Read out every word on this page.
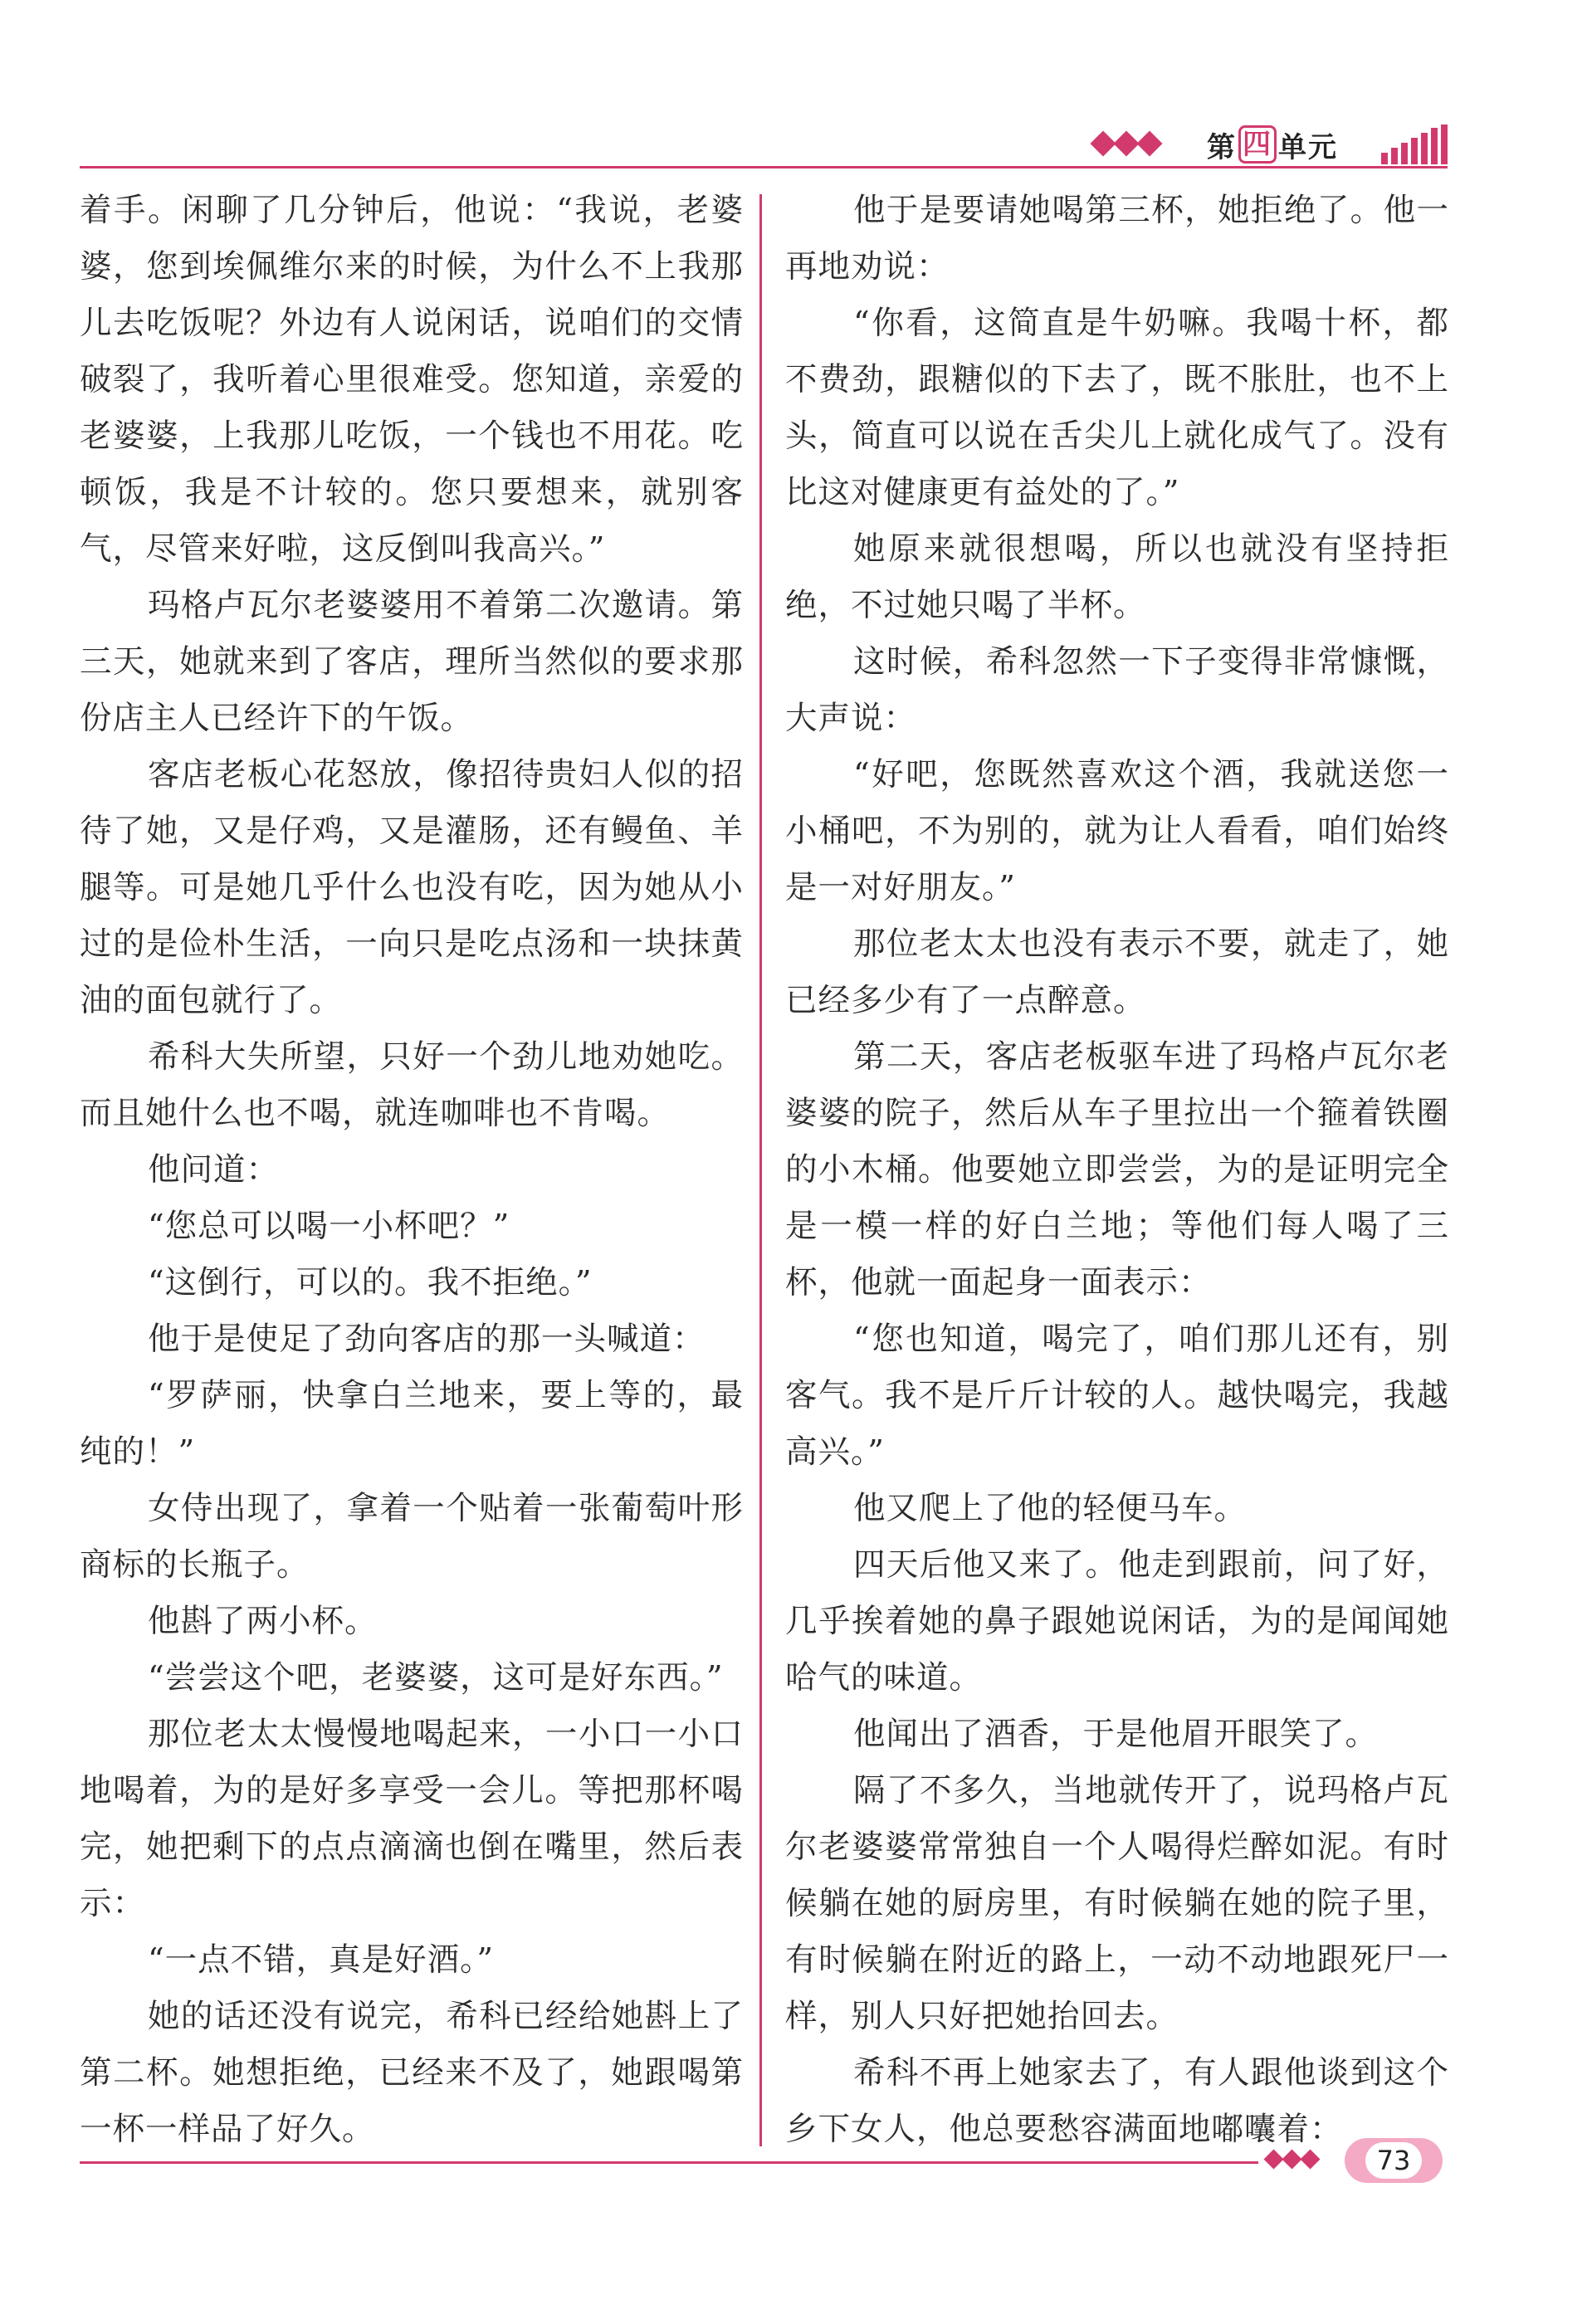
第 四 单元

着手。闲聊了几分钟后，他说：“我说，老婆婆，您到埃佩维尔来的时候，为什么不上我那儿去吃饭呢？外边有人说闲话，说咱们的交情破裂了，我听着心里很难受。您知道，亲爱的老婆婆，上我那儿吃饭，一个钱也不用花。吃顿饭，我是不计较的。您只要想来，就别客气，尽管来好啦，这反倒叫我高兴。”

玛格卢瓦尔老婆婆用不着第二次邀请。第三天，她就来到了客店，理所当然似的要求那份店主人已经许下的午饭。

客店老板心花怒放，像招待贵妇人似的招待了她，又是仔鸡，又是灌肠，还有鳗鱼、羊腿等。可是她几乎什么也没有吃，因为她从小过的是俭朴生活，一向只是吃点汤和一块抹黄油的面包就行了。

希科大失所望，只好一个劲儿地劝她吃。而且她什么也不喝，就连咖啡也不肯喝。

他问道：

“您总可以喝一小杯吧？”

“这倒行，可以的。我不拒绝。”

他于是使足了劲向客店的那一头喊道：

“罗萨丽，快拿白兰地来，要上等的，最纯的！”

女侍出现了，拿着一个贴着一张葡萄叶形商标的长瓶子。

他斟了两小杯。

“尝尝这个吧，老婆婆，这可是好东西。”

那位老太太慢慢地喝起来，一小口一小口地喝着，为的是好多享受一会儿。等把那杯喝完，她把剩下的点点滴滴也倒在嘴里，然后表示：

“一点不错，真是好酒。”

她的话还没有说完，希科已经给她斟上了第二杯。她想拒绝，已经来不及了，她跟喝第一杯一样品了好久。

他于是要请她喝第三杯，她拒绝了。他一再地劝说：

“你看，这简直是牛奶嘛。我喝十杯，都不费劲，跟糖似的下去了，既不胀肚，也不上头，简直可以说在舌尖儿上就化成气了。没有比这对健康更有益处的了。”

她原来就很想喝，所以也就没有坚持拒绝，不过她只喝了半杯。

这时候，希科忽然一下子变得非常慷慨，大声说：

“好吧，您既然喜欢这个酒，我就送您一小桶吧，不为别的，就为让人看看，咱们始终是一对好朋友。”

那位老太太也没有表示不要，就走了，她已经多少有了一点醉意。

第二天，客店老板驱车进了玛格卢瓦尔老婆婆的院子，然后从车子里拉出一个箍着铁圈的小木桶。他要她立即尝尝，为的是证明完全是一模一样的好白兰地；等他们每人喝了三杯，他就一面起身一面表示：

“您也知道，喝完了，咱们那儿还有，别客气。我不是斤斤计较的人。越快喝完，我越高兴。”

他又爬上了他的轻便马车。

四天后他又来了。他走到跟前，问了好，几乎挨着她的鼻子跟她说闲话，为的是闻闻她哈气的味道。

他闻出了酒香，于是他眉开眼笑了。

隔了不多久，当地就传开了，说玛格卢瓦尔老婆婆常常独自一个人喝得烂醉如泥。有时候躺在她的厨房里，有时候躺在她的院子里，有时候躺在附近的路上，一动不动地跟死尸一样，别人只好把她抬回去。

希科不再上她家去了，有人跟他谈到这个乡下女人，他总要愁容满面地嘟囔着：

73
